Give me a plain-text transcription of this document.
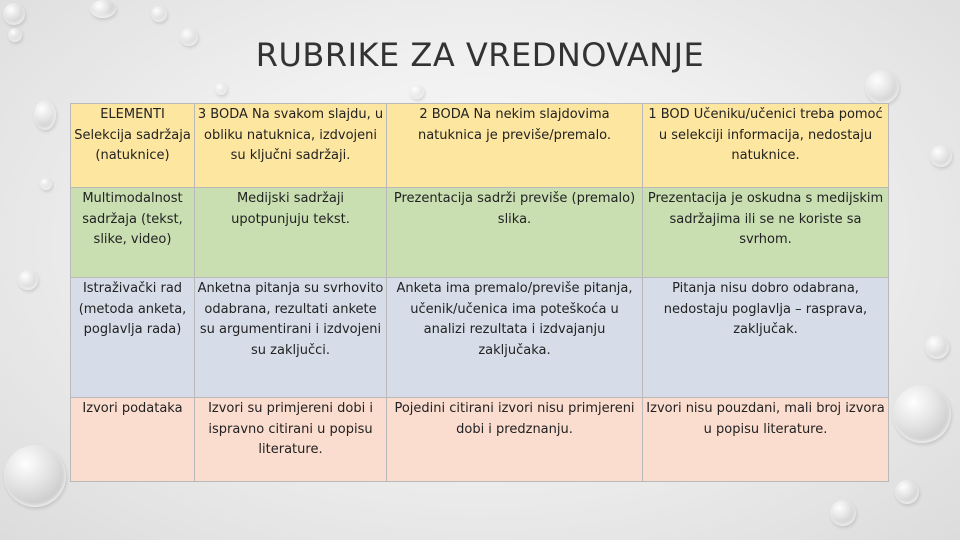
RUBRIKE ZA VREDNOVANJE
ELEMENTI Selekcija sadržaja (natuknice)	3 BODA Na svakom slajdu, u obliku natuknica, izdvojeni su ključni sadržaji.	2 BODA Na nekim slajdovima natuknica je previše/premalo.	1 BOD Učeniku/učenici treba pomoć u selekciji informacija, nedostaju natuknice.
Multimodalnost sadržaja (tekst, slike, video)	Medijski sadržaji upotpunjuju tekst.	Prezentacija sadrži previše (premalo) slika.	Prezentacija je oskudna s medijskim sadržajima ili se ne koriste sa svrhom.
Istraživački rad (metoda anketa, poglavlja rada)	Anketna pitanja su svrhovito odabrana, rezultati ankete su argumentirani i izdvojeni su zaključci.	Anketa ima premalo/previše pitanja, učenik/učenica ima poteškoća u analizi rezultata i izdvajanju zaključaka.	Pitanja nisu dobro odabrana, nedostaju poglavlja – rasprava, zaključak.
Izvori podataka	Izvori su primjereni dobi i ispravno citirani u popisu literature.	Pojedini citirani izvori nisu primjereni dobi i predznanju.	Izvori nisu pouzdani, mali broj izvora u popisu literature.
